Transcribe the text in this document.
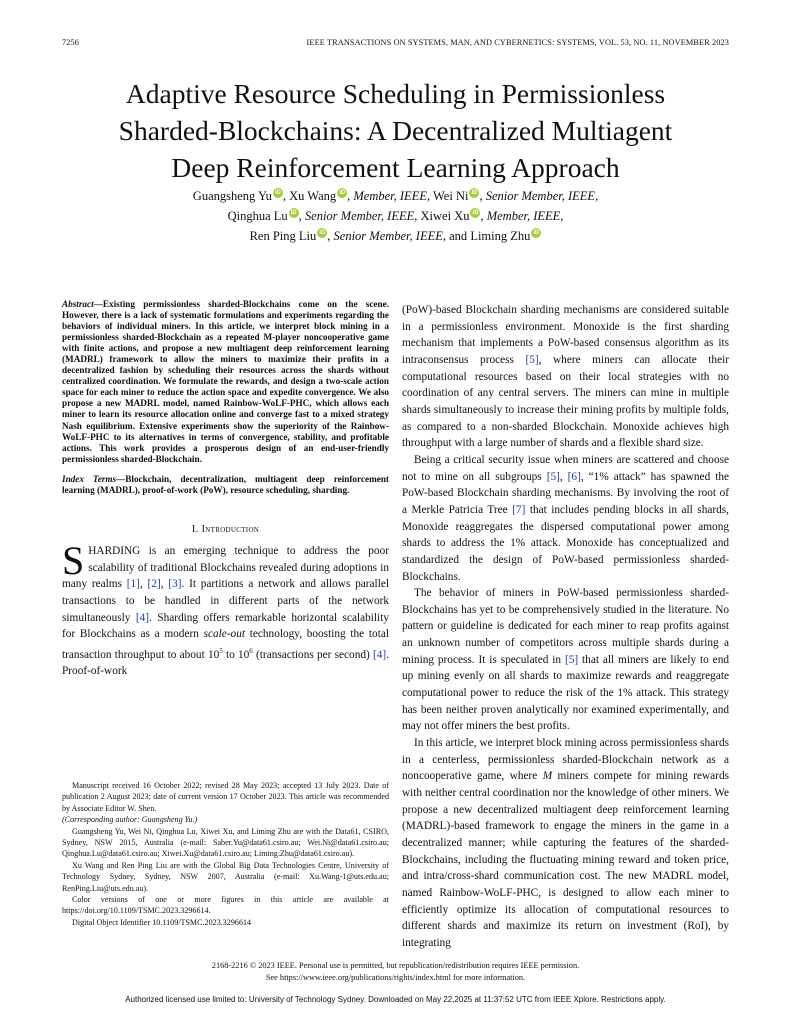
7256	IEEE TRANSACTIONS ON SYSTEMS, MAN, AND CYBERNETICS: SYSTEMS, VOL. 53, NO. 11, NOVEMBER 2023
Adaptive Resource Scheduling in Permissionless
Sharded-Blockchains: A Decentralized Multiagent
Deep Reinforcement Learning Approach
Guangsheng Yu iD , Xu Wang iD , Member, IEEE, Wei Ni iD , Senior Member, IEEE,
Qinghua Lu iD , Senior Member, IEEE, Xiwei Xu iD , Member, IEEE,
Ren Ping Liu iD , Senior Member, IEEE, and Liming Zhu iD
Abstract—Existing permissionless sharded-Blockchains come on the scene. However, there is a lack of systematic formulations and experiments regarding the behaviors of individual miners. In this article, we interpret block mining in a permissionless sharded-Blockchain as a repeated M-player noncooperative game with finite actions, and propose a new multiagent deep reinforcement learning (MADRL) framework to allow the miners to maximize their profits in a decentralized fashion by scheduling their resources across the shards without centralized coordination. We formulate the rewards, and design a two-scale action space for each miner to reduce the action space and expedite convergence. We also propose a new MADRL model, named Rainbow-WoLF-PHC, which allows each miner to learn its resource allocation online and converge fast to a mixed strategy Nash equilibrium. Extensive experiments show the superiority of the Rainbow-WoLF-PHC to its alternatives in terms of convergence, stability, and profitable actions. This work provides a prosperous design of an end-user-friendly permissionless sharded-Blockchain.
Index Terms—Blockchain, decentralization, multiagent deep reinforcement learning (MADRL), proof-of-work (PoW), resource scheduling, sharding.
I. Introduction

SHARDING is an emerging technique to address the poor scalability of traditional Blockchains revealed during adoptions in many realms [1], [2], [3]. It partitions a network and allows parallel transactions to be handled in different parts of the network simultaneously [4]. Sharding offers remarkable horizontal scalability for Blockchains as a modern scale-out technology, boosting the total transaction throughput to about $10^5$ to $10^6$ (transactions per second) [4]. Proof-of-work

Manuscript received 16 October 2022; revised 28 May 2023; accepted 13 July 2023. Date of publication 2 August 2023; date of current version 17 October 2023. This article was recommended by Associate Editor W. Shen.
(Corresponding author: Guangsheng Yu.)

Guangsheng Yu, Wei Ni, Qinghua Lu, Xiwei Xu, and Liming Zhu are with the Data61, CSIRO, Sydney, NSW 2015, Australia (e-mail: Saber.Yu@data61.csiro.au; Wei.Ni@data61.csiro.au; Qinghua.Lu@data61.csiro.au; Xiwei.Xu@data61.csiro.au; Liming.Zhu@data61.csiro.au).

Xu Wang and Ren Ping Liu are with the Global Big Data Technologies Centre, University of Technology Sydney, Sydney, NSW 2007, Australia (e-mail: Xu.Wang-1@uts.edu.au; RenPing.Liu@uts.edu.au).

Color versions of one or more figures in this article are available at https://doi.org/10.1109/TSMC.2023.3296614.

Digital Object Identifier 10.1109/TSMC.2023.3296614

(PoW)-based Blockchain sharding mechanisms are considered suitable in a permissionless environment. Monoxide is the first sharding mechanism that implements a PoW-based consensus algorithm as its intraconsensus process [5], where miners can allocate their computational resources based on their local strategies with no coordination of any central servers. The miners can mine in multiple shards simultaneously to increase their mining profits by multiple folds, as compared to a non-sharded Blockchain. Monoxide achieves high throughput with a large number of shards and a flexible shard size.

Being a critical security issue when miners are scattered and choose not to mine on all subgroups [5], [6], “1% attack” has spawned the PoW-based Blockchain sharding mechanisms. By involving the root of a Merkle Patricia Tree [7] that includes pending blocks in all shards, Monoxide reaggregates the dispersed computational power among shards to address the 1% attack. Monoxide has conceptualized and standardized the design of PoW-based permissionless sharded-Blockchains.

The behavior of miners in PoW-based permissionless sharded-Blockchains has yet to be comprehensively studied in the literature. No pattern or guideline is dedicated for each miner to reap profits against an unknown number of competitors across multiple shards during a mining process. It is speculated in [5] that all miners are likely to end up mining evenly on all shards to maximize rewards and reaggregate computational power to reduce the risk of the 1% attack. This strategy has been neither proven analytically nor examined experimentally, and may not offer miners the best profits.

In this article, we interpret block mining across permissionless shards in a centerless, permissionless sharded-Blockchain network as a noncooperative game, where M miners compete for mining rewards with neither central coordination nor the knowledge of other miners. We propose a new decentralized multiagent deep reinforcement learning (MADRL)-based framework to engage the miners in the game in a decentralized manner; while capturing the features of the sharded-Blockchains, including the fluctuating mining reward and token price, and intra/cross-shard communication cost. The new MADRL model, named Rainbow-WoLF-PHC, is designed to allow each miner to efficiently optimize its allocation of computational resources to different shards and maximize its return on investment (RoI), by integrating

2168-2216 © 2023 IEEE. Personal use is permitted, but republication/redistribution requires IEEE permission.
See https://www.ieee.org/publications/rights/index.html for more information.
Authorized licensed use limited to: University of Technology Sydney. Downloaded on May 22,2025 at 11:37:52 UTC from IEEE Xplore. Restrictions apply.
